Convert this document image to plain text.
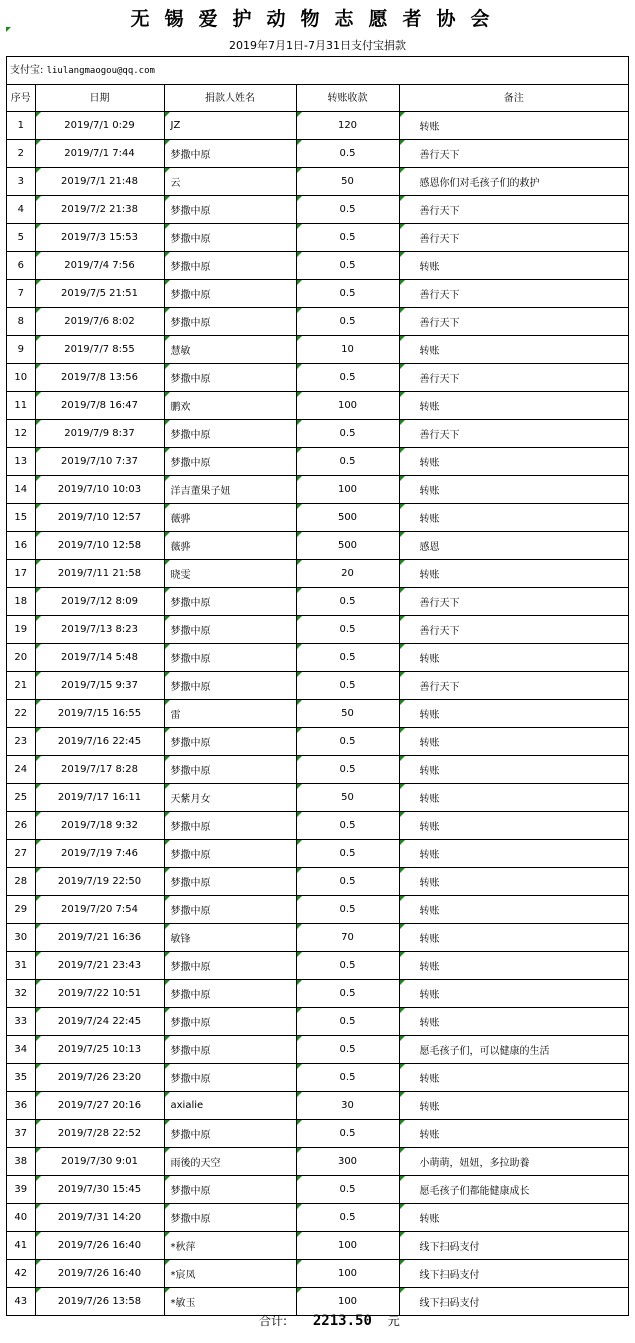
无锡爱护动物志愿者协会
2019年7月1日-7月31日支付宝捐款
支付宝: liulangmaogou@qq.com
序号	日期	捐款人姓名	转账收款	备注
1	2019/7/1 0:29	JZ	120	转账
2	2019/7/1 7:44	梦撒中原	0.5	善行天下
3	2019/7/1 21:48	云	50	感恩你们对毛孩子们的救护
4	2019/7/2 21:38	梦撒中原	0.5	善行天下
5	2019/7/3 15:53	梦撒中原	0.5	善行天下
6	2019/7/4 7:56	梦撒中原	0.5	转账
7	2019/7/5 21:51	梦撒中原	0.5	善行天下
8	2019/7/6 8:02	梦撒中原	0.5	善行天下
9	2019/7/7 8:55	慧敏	10	转账
10	2019/7/8 13:56	梦撒中原	0.5	善行天下
11	2019/7/8 16:47	鹏欢	100	转账
12	2019/7/9 8:37	梦撒中原	0.5	善行天下
13	2019/7/10 7:37	梦撒中原	0.5	转账
14	2019/7/10 10:03	洋吉董果子妞	100	转账
15	2019/7/10 12:57	薇骅	500	转账
16	2019/7/10 12:58	薇骅	500	感恩
17	2019/7/11 21:58	晓雯	20	转账
18	2019/7/12 8:09	梦撒中原	0.5	善行天下
19	2019/7/13 8:23	梦撒中原	0.5	善行天下
20	2019/7/14 5:48	梦撒中原	0.5	转账
21	2019/7/15 9:37	梦撒中原	0.5	善行天下
22	2019/7/15 16:55	雷	50	转账
23	2019/7/16 22:45	梦撒中原	0.5	转账
24	2019/7/17 8:28	梦撒中原	0.5	转账
25	2019/7/17 16:11	天紫月女	50	转账
26	2019/7/18 9:32	梦撒中原	0.5	转账
27	2019/7/19 7:46	梦撒中原	0.5	转账
28	2019/7/19 22:50	梦撒中原	0.5	转账
29	2019/7/20 7:54	梦撒中原	0.5	转账
30	2019/7/21 16:36	敏锋	70	转账
31	2019/7/21 23:43	梦撒中原	0.5	转账
32	2019/7/22 10:51	梦撒中原	0.5	转账
33	2019/7/24 22:45	梦撒中原	0.5	转账
34	2019/7/25 10:13	梦撒中原	0.5	愿毛孩子们，可以健康的生活
35	2019/7/26 23:20	梦撒中原	0.5	转账
36	2019/7/27 20:16	axialie	30	转账
37	2019/7/28 22:52	梦撒中原	0.5	转账
38	2019/7/30 9:01	雨後的天空	300	小萌萌，妞妞，多拉助養
39	2019/7/30 15:45	梦撒中原	0.5	愿毛孩子们都能健康成长
40	2019/7/31 14:20	梦撒中原	0.5	转账
41	2019/7/26 16:40	*秋萍	100	线下扫码支付
42	2019/7/26 16:40	*宸凤	100	线下扫码支付
43	2019/7/26 13:58	*敏玉	100	线下扫码支付
合计: 2213.50 元
